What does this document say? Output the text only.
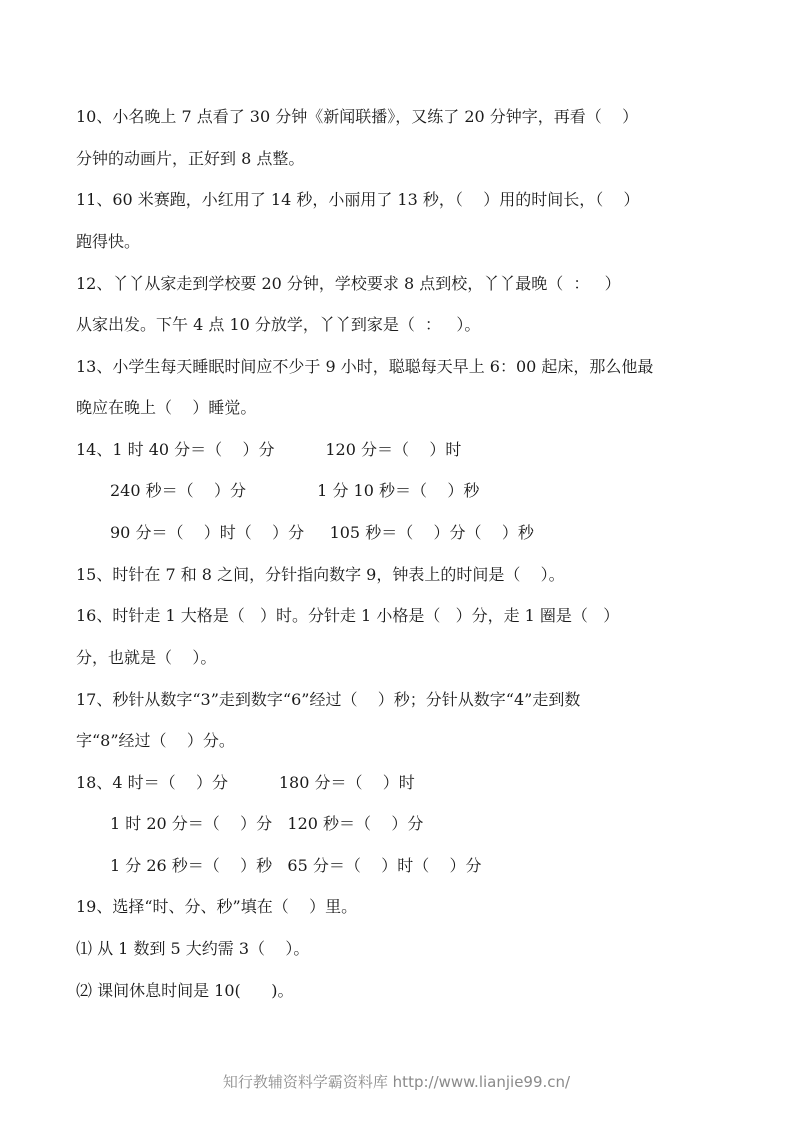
10、小名晚上 7 点看了 30 分钟《新闻联播》，又练了 20 分钟字，再看（    ）
分钟的动画片，正好到 8 点整。
11、60 米赛跑，小红用了 14 秒，小丽用了 13 秒，（    ）用的时间长，（    ）
跑得快。
12、丫丫从家走到学校要 20 分钟，学校要求 8 点到校，丫丫最晚（  ：   ）
从家出发。下午 4 点 10 分放学，丫丫到家是（  ：   ）。
13、小学生每天睡眠时间应不少于 9 小时，聪聪每天早上 6：00 起床，那么他最
晚应在晚上（    ）睡觉。
14、1 时 40 分＝（    ）分          120 分＝（    ）时
240 秒＝（    ）分              1 分 10 秒＝（    ）秒
90 分＝（    ）时（    ）分     105 秒＝（    ）分（    ）秒
15、时针在 7 和 8 之间，分针指向数字 9，钟表上的时间是（    ）。
16、时针走 1 大格是（   ）时。分针走 1 小格是（   ）分，走 1 圈是（   ）
分，也就是（    ）。
17、秒针从数字“3”走到数字“6”经过（    ）秒；分针从数字“4”走到数
字“8”经过（    ）分。
18、4 时＝（    ）分          180 分＝（    ）时
1 时 20 分＝（    ）分   120 秒＝（    ）分
1 分 26 秒＝（    ）秒   65 分＝（    ）时（    ）分
19、选择“时、分、秒”填在（    ）里。
⑴ 从 1 数到 5 大约需 3（    ）。
⑵ 课间休息时间是 10(      )。
知行教辅资料学霸资料库 http://www.lianjie99.cn/
